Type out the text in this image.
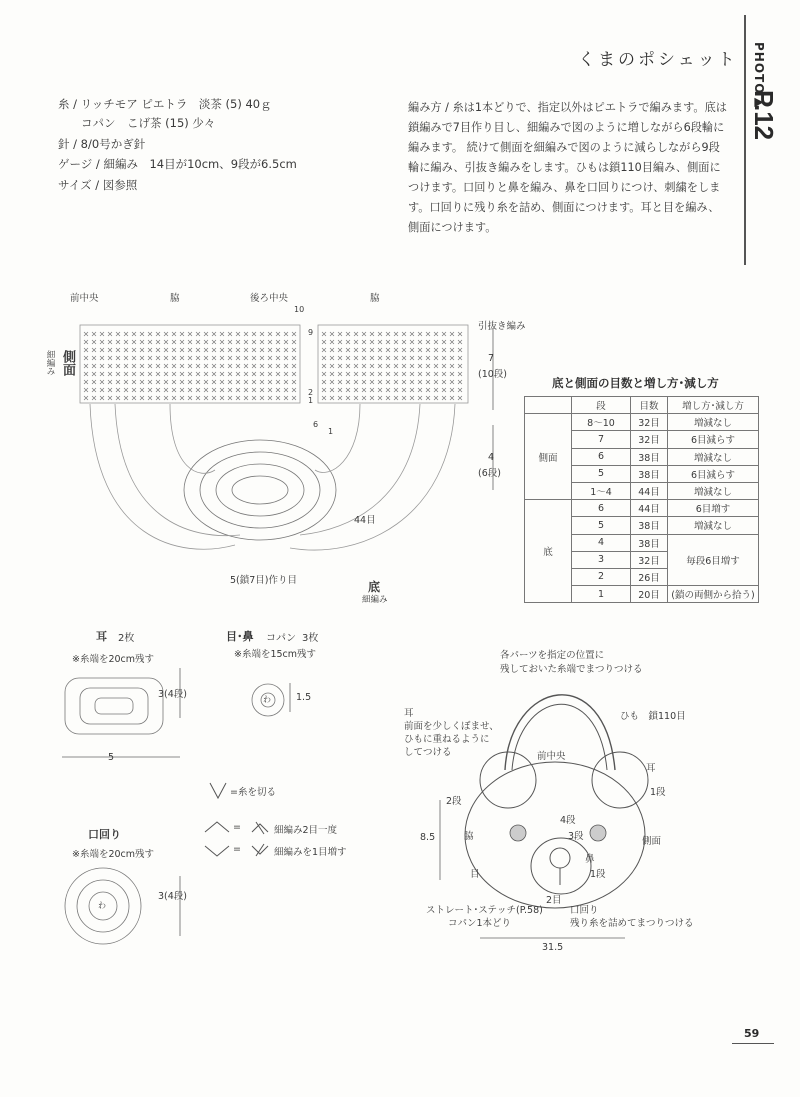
くまのポシェット PHOTO▶
P.12
糸 / リッチモア ピエトラ　淡茶 (5) 40ｇ
　　コパン　こげ茶 (15) 少々
針 / 8/0号かぎ針
ゲージ / 細編み　14目が10cm、9段が6.5cm
サイズ / 図参照
編み方 / 糸は1本どりで、指定以外はピエトラで編みます。底は鎖編みで7目作り目し、細編みで図のように増しながら6段輪に編みます。 続けて側面を細編みで図のように減らしながら9段輪に編み、引抜き編みをします。ひもは鎖110目編み、側面につけます。口回りと鼻を編み、鼻を口回りにつけ、刺繍をします。口回りに残り糸を詰め、側面につけます。耳と目を編み、側面につけます。
前中央	脇	後ろ中央	脇
引抜き編み
側面
細編み	7
(10段)
4
(6段)
10
9
2
1
6
1
44目
5(鎖7目)作り目	底
細編み
底と側面の目数と増し方･減し方
	段	目数	増し方･減し方
側面	8〜10	32目	増減なし
	7	32目	6目減らす
	6	38目	増減なし
	5	38目	6目減らす
	1〜4	44目	増減なし
底	6	44目	6目増す
	5	38目	増減なし
	4	38目	毎段6目増す
	3	32目	
	2	26目	
	1	20目	(鎖の両側から拾う)
耳 2枚
※糸端を20cm残す
3(4段)
5
目･鼻 コパン 3枚
※糸端を15cm残す
1.5
わ
=糸を切る
=	細編み2目一度
=	細編みを1目増す
口回り
※糸端を20cm残す
3(4段)
わ
各パーツを指定の位置に
残しておいた糸端でまつりつける
ひも　鎖110目
耳
前面を少しくぼませ、
ひもに重ねるように
してつける	前中央
耳
2段
1段
4段
3段
脇
目
鼻
側面
1段
8.5
2目
ストレート･ステッチ(P.58)
コパン1本どり
口回り
残り糸を詰めてまつりつける
31.5
59
